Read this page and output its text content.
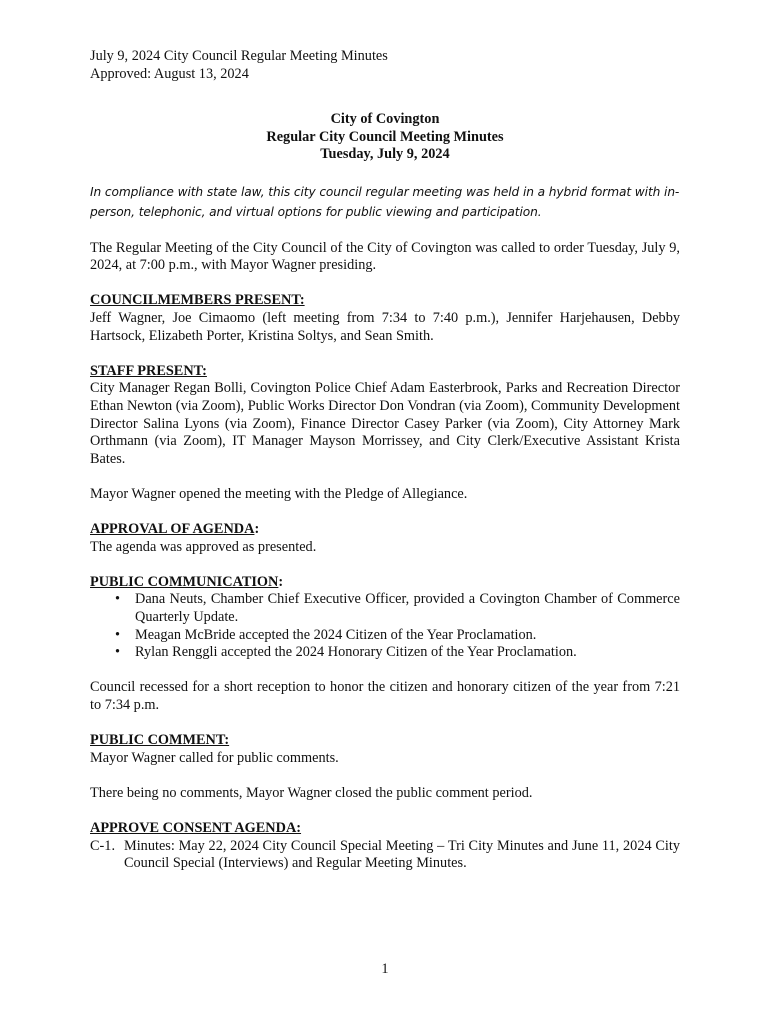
July 9, 2024 City Council Regular Meeting Minutes
Approved: August 13, 2024
City of Covington
Regular City Council Meeting Minutes
Tuesday, July 9, 2024
In compliance with state law, this city council regular meeting was held in a hybrid format with in-person, telephonic, and virtual options for public viewing and participation.

The Regular Meeting of the City Council of the City of Covington was called to order Tuesday, July 9, 2024, at 7:00 p.m., with Mayor Wagner presiding.

COUNCILMEMBERS PRESENT:

Jeff Wagner, Joe Cimaomo (left meeting from 7:34 to 7:40 p.m.), Jennifer Harjehausen, Debby Hartsock, Elizabeth Porter, Kristina Soltys, and Sean Smith.

STAFF PRESENT:

City Manager Regan Bolli, Covington Police Chief Adam Easterbrook, Parks and Recreation Director Ethan Newton (via Zoom), Public Works Director Don Vondran (via Zoom), Community Development Director Salina Lyons (via Zoom), Finance Director Casey Parker (via Zoom), City Attorney Mark Orthmann (via Zoom), IT Manager Mayson Morrissey, and City Clerk/Executive Assistant Krista Bates.

Mayor Wagner opened the meeting with the Pledge of Allegiance.

APPROVAL OF AGENDA:

The agenda was approved as presented.

PUBLIC COMMUNICATION:
• Dana Neuts, Chamber Chief Executive Officer, provided a Covington Chamber of Commerce Quarterly Update.
• Meagan McBride accepted the 2024 Citizen of the Year Proclamation.
• Rylan Renggli accepted the 2024 Honorary Citizen of the Year Proclamation.

Council recessed for a short reception to honor the citizen and honorary citizen of the year from 7:21 to 7:34 p.m.

PUBLIC COMMENT:

Mayor Wagner called for public comments.

There being no comments, Mayor Wagner closed the public comment period.

APPROVE CONSENT AGENDA:
C-1. Minutes: May 22, 2024 City Council Special Meeting – Tri City Minutes and June 11, 2024 City Council Special (Interviews) and Regular Meeting Minutes.
1
